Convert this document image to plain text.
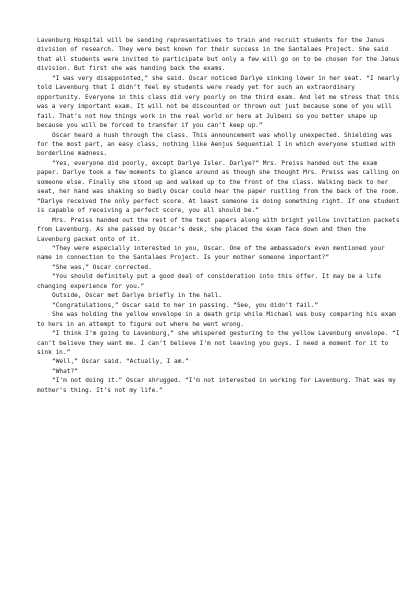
Lavenburg Hospital will be sending representatives to train and recruit students for the Janus division of research. They were best known for their success in the Santalaes Project. She said that all students were invited to participate but only a few will go on to be chosen for the Janus division. But first she was handing back the exams.

“I was very disappointed,” she said. Oscar noticed Darlye sinking lower in her seat. “I nearly told Lavenburg that I didn’t feel my students were ready yet for such an extraordinary opportunity. Everyone in this class did very poorly on the third exam. And let me stress that this was a very important exam. It will not be discounted or thrown out just because some of you will fail. That’s not how things work in the real world or here at Julbeni so you better shape up because you will be forced to transfer if you can’t keep up.”

Oscar heard a hush through the class. This announcement was wholly unexpected. Shielding was for the most part, an easy class, nothing like Aenjus Sequential I in which everyone studied with borderline madness.

“Yes, everyone did poorly, except Darlye Isler. Darlye?” Mrs. Preiss handed out the exam paper. Darlye took a few moments to glance around as though she thought Mrs. Preiss was calling on someone else. Finally she stood up and walked up to the front of the class. Walking back to her seat, her hand was shaking so badly Oscar could hear the paper rustling from the back of the room. “Darlye received the only perfect score. At least someone is doing something right. If one student is capable of receiving a perfect score, you all should be.”

Mrs. Preiss handed out the rest of the test papers along with bright yellow invitation packets from Lavenburg. As she passed by Oscar’s desk, she placed the exam face down and then the Lavenburg packet onto of it.

“They were especially interested in you, Oscar. One of the ambassadors even mentioned your name in connection to the Santalaes Project. Is your mother someone important?”

“She was,” Oscar corrected.

“You should definitely put a good deal of consideration into this offer. It may be a life changing experience for you.”

Outside, Oscar met Darlye briefly in the hall.

“Congratulations,” Oscar said to her in passing. “See, you didn’t fail.”

She was holding the yellow envelope in a death grip while Michael was busy comparing his exam to hers in an attempt to figure out where he went wrong.

“I think I’m going to Lavenburg,” she whispered gesturing to the yellow Lavenburg envelope. “I can’t believe they want me. I can’t believe I’m not leaving you guys. I need a moment for it to sink in.”

“Well,” Oscar said. “Actually, I am.”

“What?”

“I’m not doing it.” Oscar shrugged. “I’m not interested in working for Lavenburg. That was my mother’s thing. It’s not my life.”
